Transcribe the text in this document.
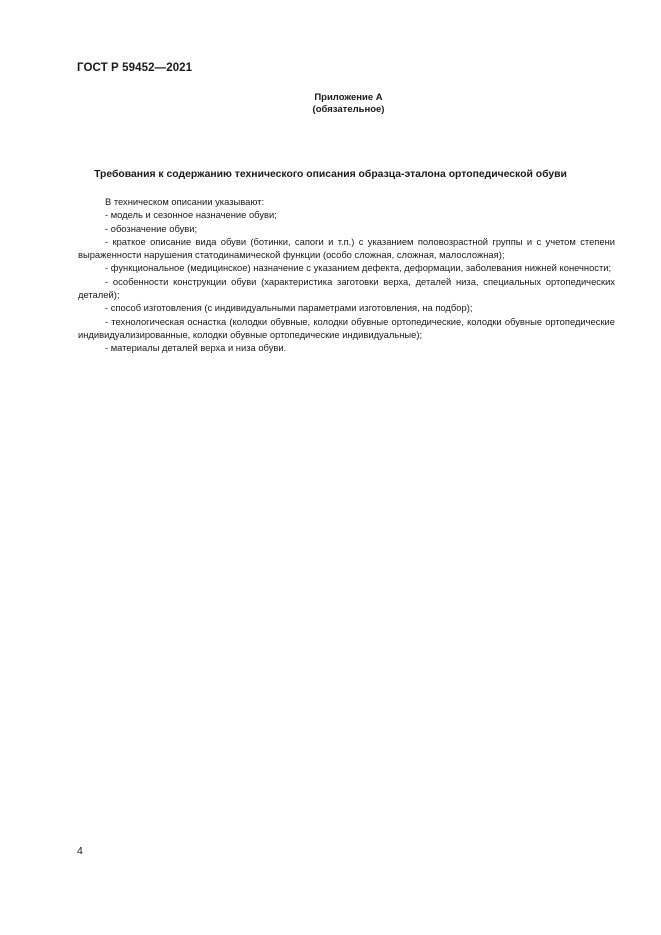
ГОСТ Р 59452—2021
Приложение А
(обязательное)
Требования к содержанию технического описания образца-эталона ортопедической обуви

В техническом описании указывают:

- модель и сезонное назначение обуви;

- обозначение обуви;

- краткое описание вида обуви (ботинки, сапоги и т.п.) с указанием половозрастной группы и с учетом степени выраженности нарушения статодинамической функции (особо сложная, сложная, малосложная);

- функциональное (медицинское) назначение с указанием дефекта, деформации, заболевания нижней конечности;

- особенности конструкции обуви (характеристика заготовки верха, деталей низа, специальных ортопедических деталей);

- способ изготовления (с индивидуальными параметрами изготовления, на подбор);

- технологическая оснастка (колодки обувные, колодки обувные ортопедические, колодки обувные ортопедические индивидуализированные, колодки обувные ортопедические индивидуальные);

- материалы деталей верха и низа обуви.

4
